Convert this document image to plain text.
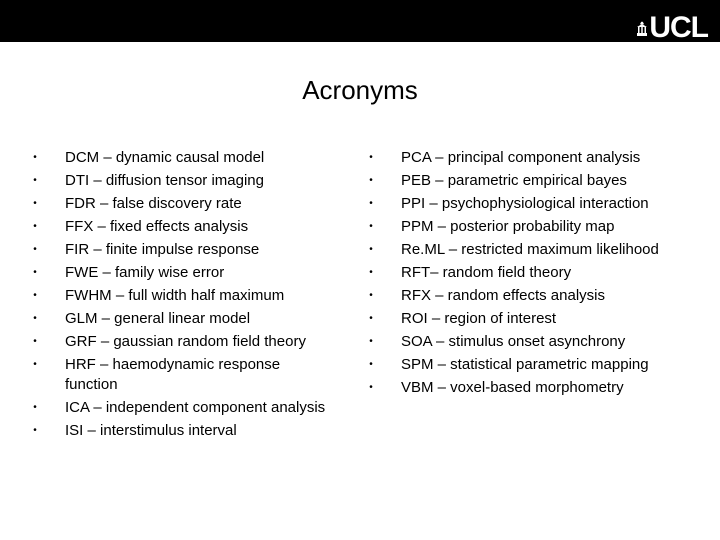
UCL
Acronyms
• DCM – dynamic causal model
• DTI – diffusion tensor imaging
• FDR – false discovery rate
• FFX – fixed effects analysis
• FIR – finite impulse response
• FWE – family wise error
• FWHM – full width half maximum
• GLM – general linear model
• GRF – gaussian random field theory
• HRF – haemodynamic response function
• ICA – independent component analysis
• ISI – interstimulus interval
• PCA – principal component analysis
• PEB – parametric empirical bayes
• PPI – psychophysiological interaction
• PPM – posterior probability map
• Re.ML – restricted maximum likelihood
• RFT– random field theory
• RFX – random effects analysis
• ROI – region of interest
• SOA – stimulus onset asynchrony
• SPM – statistical parametric mapping
• VBM – voxel-based morphometry
